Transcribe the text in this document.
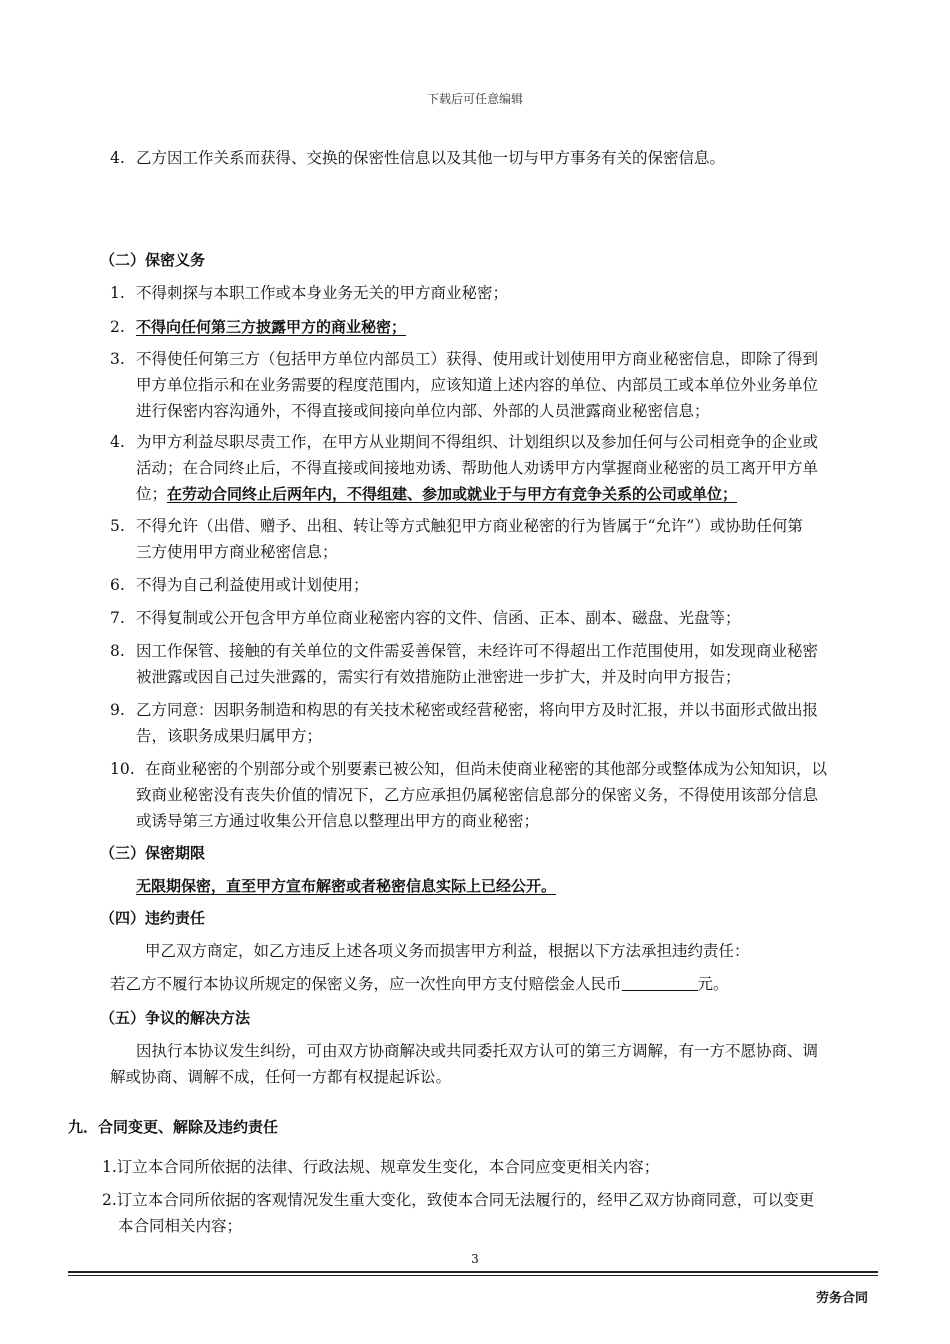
下载后可任意编辑
4. 乙方因工作关系而获得、交换的保密性信息以及其他一切与甲方事务有关的保密信息。
（二）保密义务
1. 不得刺探与本职工作或本身业务无关的甲方商业秘密；
2. 不得向任何第三方披露甲方的商业秘密；
3. 不得使任何第三方（包括甲方单位内部员工）获得、使用或计划使用甲方商业秘密信息，即除了得到
甲方单位指示和在业务需要的程度范围内，应该知道上述内容的单位、内部员工或本单位外业务单位
进行保密内容沟通外，不得直接或间接向单位内部、外部的人员泄露商业秘密信息；
4. 为甲方利益尽职尽责工作，在甲方从业期间不得组织、计划组织以及参加任何与公司相竞争的企业或
活动；在合同终止后，不得直接或间接地劝诱、帮助他人劝诱甲方内掌握商业秘密的员工离开甲方单
位；在劳动合同终止后两年内，不得组建、参加或就业于与甲方有竞争关系的公司或单位；
5. 不得允许（出借、赠予、出租、转让等方式触犯甲方商业秘密的行为皆属于“允许”）或协助任何第
三方使用甲方商业秘密信息；
6. 不得为自己利益使用或计划使用；
7. 不得复制或公开包含甲方单位商业秘密内容的文件、信函、正本、副本、磁盘、光盘等；
8. 因工作保管、接触的有关单位的文件需妥善保管，未经许可不得超出工作范围使用，如发现商业秘密
被泄露或因自己过失泄露的，需实行有效措施防止泄密进一步扩大，并及时向甲方报告；
9. 乙方同意：因职务制造和构思的有关技术秘密或经营秘密，将向甲方及时汇报，并以书面形式做出报
告，该职务成果归属甲方；
10. 在商业秘密的个别部分或个别要素已被公知，但尚未使商业秘密的其他部分或整体成为公知知识，以
致商业秘密没有丧失价值的情况下，乙方应承担仍属秘密信息部分的保密义务，不得使用该部分信息
或诱导第三方通过收集公开信息以整理出甲方的商业秘密；
（三）保密期限
无限期保密，直至甲方宣布解密或者秘密信息实际上已经公开。
（四）违约责任
甲乙双方商定，如乙方违反上述各项义务而损害甲方利益，根据以下方法承担违约责任：
若乙方不履行本协议所规定的保密义务，应一次性向甲方支付赔偿金人民币	元。
（五）争议的解决方法
因执行本协议发生纠纷，可由双方协商解决或共同委托双方认可的第三方调解，有一方不愿协商、调
解或协商、调解不成，任何一方都有权提起诉讼。
九．合同变更、解除及违约责任
1.订立本合同所依据的法律、行政法规、规章发生变化，本合同应变更相关内容；
2.订立本合同所依据的客观情况发生重大变化，致使本合同无法履行的，经甲乙双方协商同意，可以变更
本合同相关内容；
3
劳务合同
